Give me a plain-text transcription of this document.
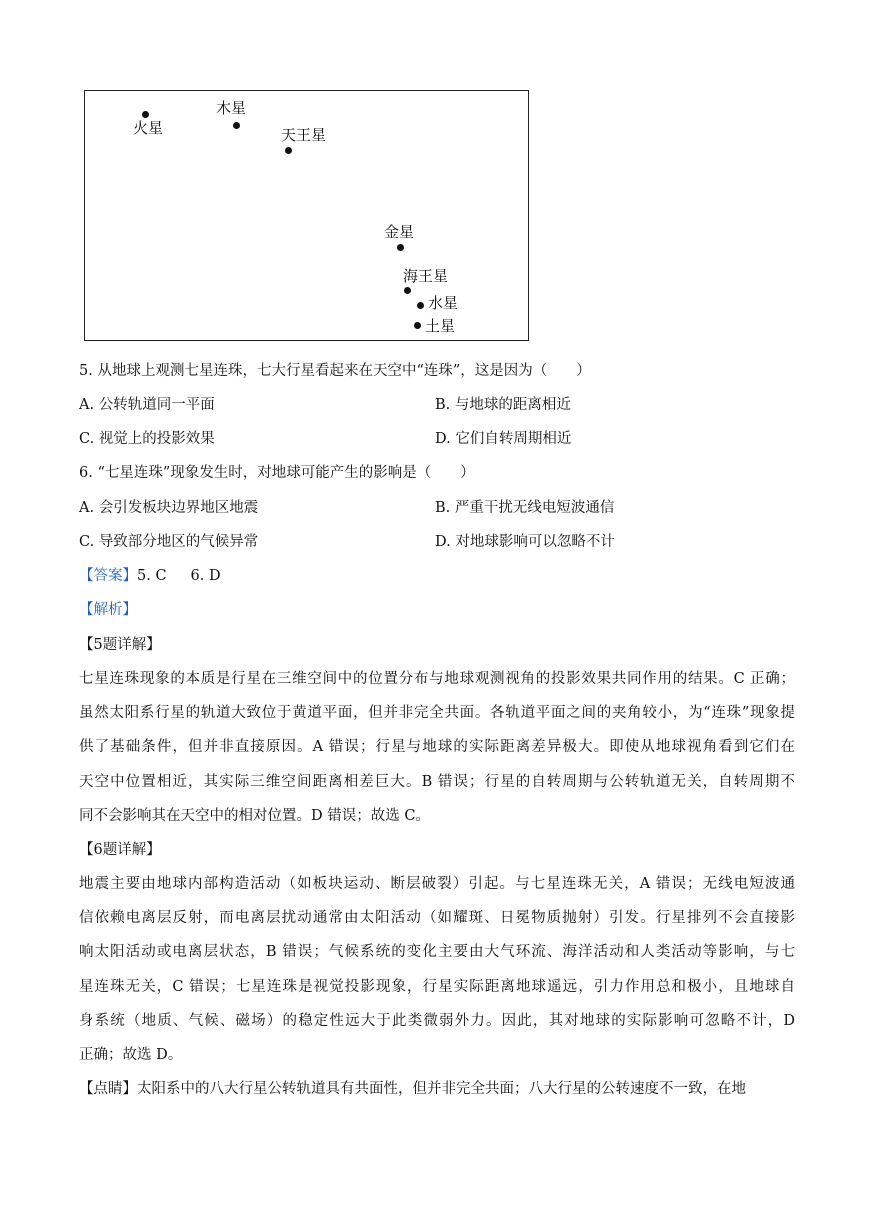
火星
木星
天王星
金星
海王星
水星
土星
5. 从地球上观测七星连珠，七大行星看起来在天空中“连珠”，这是因为（　　）
A. 公转轨道同一平面	B. 与地球的距离相近
C. 视觉上的投影效果	D. 它们自转周期相近
6. “七星连珠”现象发生时，对地球可能产生的影响是（　　）
A. 会引发板块边界地区地震	B. 严重干扰无线电短波通信
C. 导致部分地区的气候异常	D. 对地球影响可以忽略不计
【答案】5. C 6. D
【解析】
【5题详解】
七星连珠现象的本质是行星在三维空间中的位置分布与地球观测视角的投影效果共同作用的结果。C 正确；
虽然太阳系行星的轨道大致位于黄道平面，但并非完全共面。各轨道平面之间的夹角较小，为“连珠”现象提
供了基础条件，但并非直接原因。A 错误；行星与地球的实际距离差异极大。即使从地球视角看到它们在
天空中位置相近，其实际三维空间距离相差巨大。B 错误；行星的自转周期与公转轨道无关，自转周期不
同不会影响其在天空中的相对位置。D 错误；故选 C。
【6题详解】
地震主要由地球内部构造活动（如板块运动、断层破裂）引起。与七星连珠无关，A 错误；无线电短波通
信依赖电离层反射，而电离层扰动通常由太阳活动（如耀斑、日冕物质抛射）引发。行星排列不会直接影
响太阳活动或电离层状态，B 错误；气候系统的变化主要由大气环流、海洋活动和人类活动等影响，与七
星连珠无关，C 错误；七星连珠是视觉投影现象，行星实际距离地球遥远，引力作用总和极小，且地球自
身系统（地质、气候、磁场）的稳定性远大于此类微弱外力。因此，其对地球的实际影响可忽略不计，D
正确；故选 D。
【点睛】太阳系中的八大行星公转轨道具有共面性，但并非完全共面；八大行星的公转速度不一致，在地
